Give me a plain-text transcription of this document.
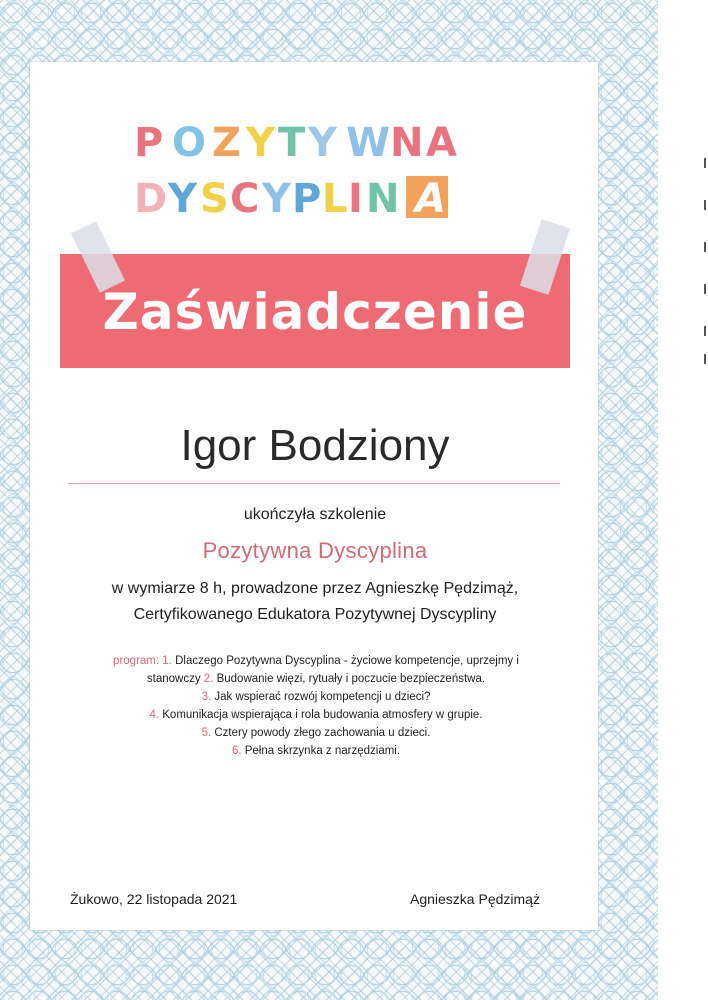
P O Z Y T Y W N A
D Y S C Y P L I N A
Zaświadczenie
Igor Bodziony
ukończyła szkolenie
Pozytywna Dyscyplina
w wymiarze 8 h, prowadzone przez Agnieszkę Pędzimąż,
Certyfikowanego Edukatora Pozytywnej Dyscypliny
program: 1. Dlaczego Pozytywna Dyscyplina - życiowe kompetencje, uprzejmy i stanowczy 2. Budowanie więzi, rytuały i poczucie bezpieczeństwa.
3. Jak wspierać rozwój kompetencji u dzieci?
4. Komunikacja wspierająca i rola budowania atmosfery w grupie.
5. Cztery powody złego zachowania u dzieci.
6. Pełna skrzynka z narzędziami.
Żukowo, 22 listopada 2021	Agnieszka Pędzimąż
